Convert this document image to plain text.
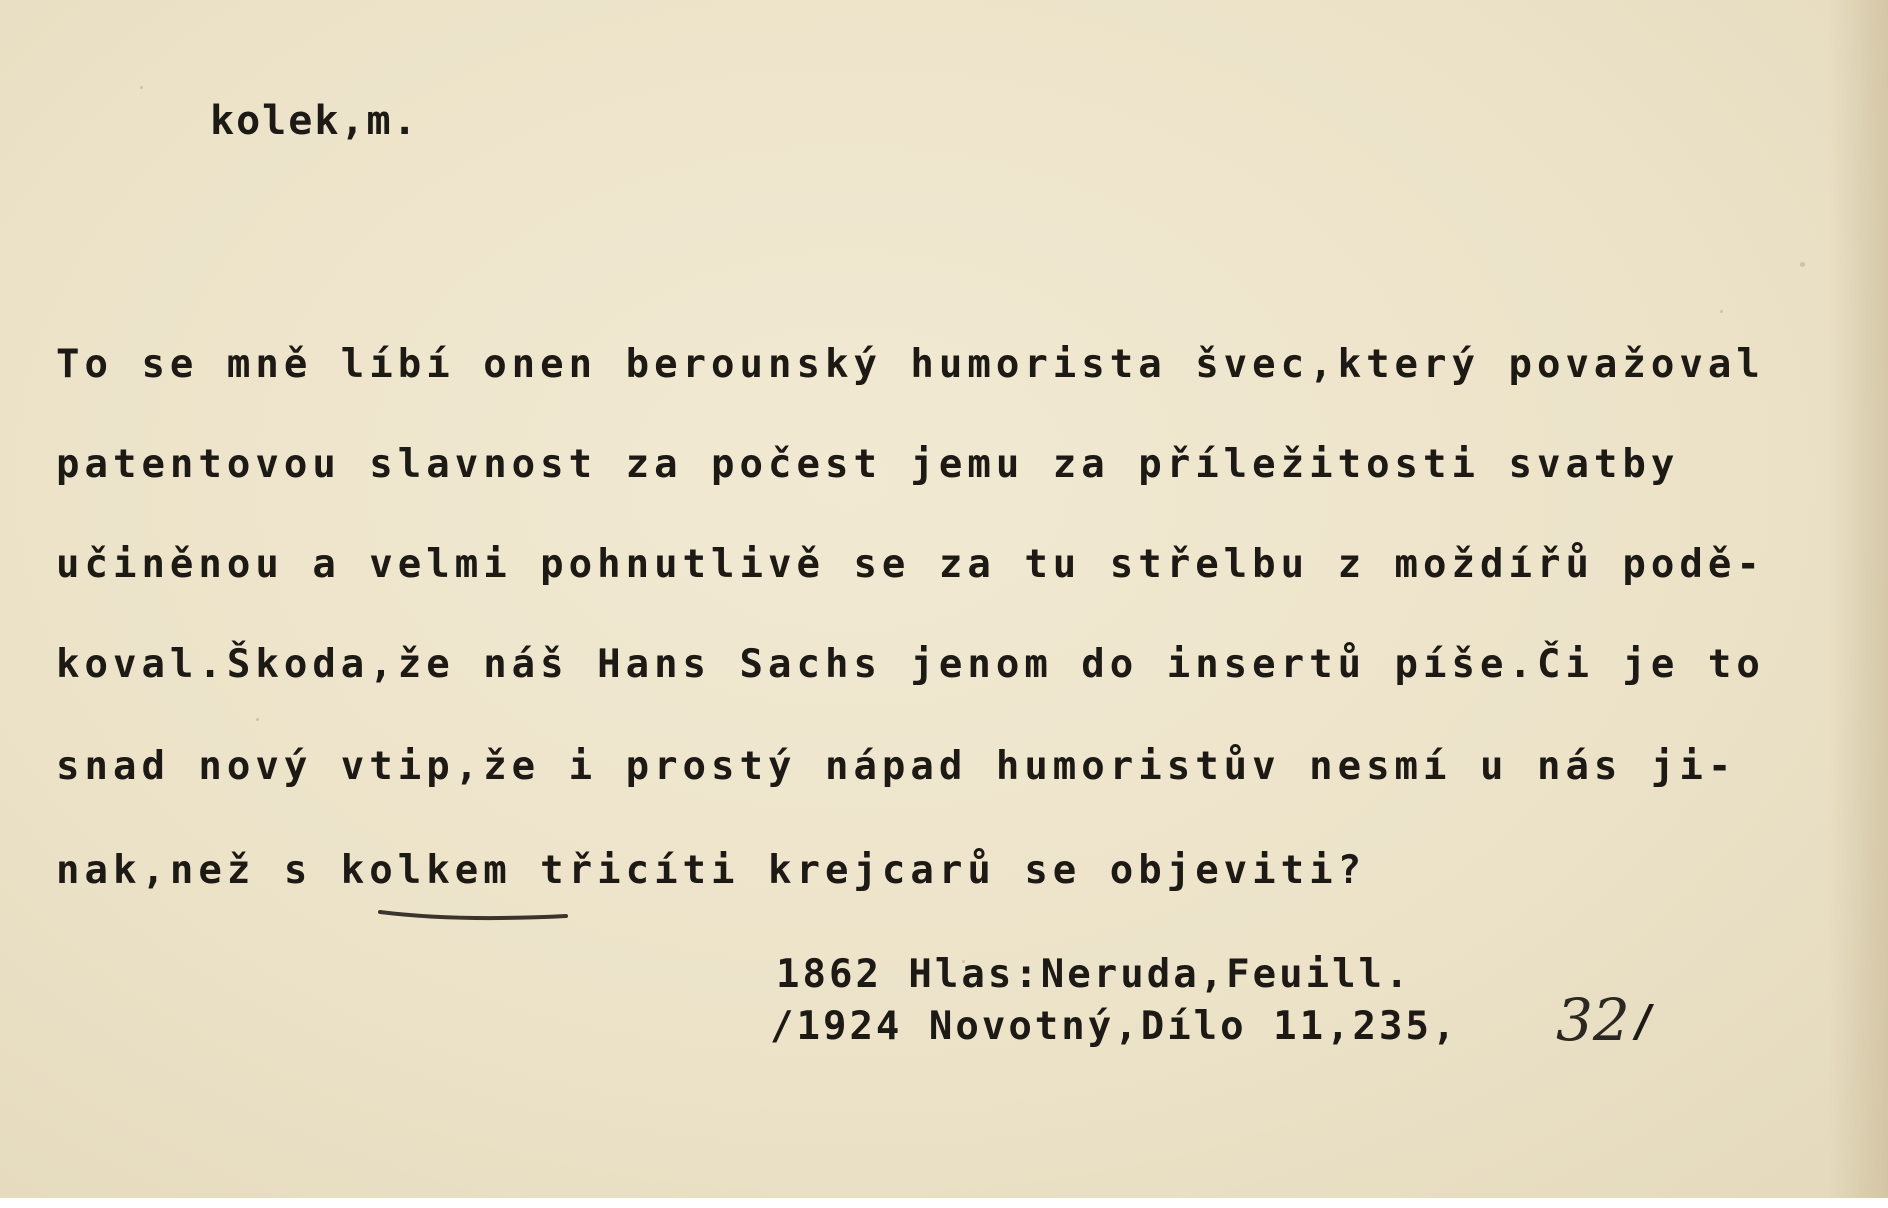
kolek,m.
To se mně líbí onen berounský humorista švec,který považoval
patentovou slavnost za počest jemu za příležitosti svatby
učiněnou a velmi pohnutlivě se za tu střelbu z moždířů podě-
koval.Škoda,že náš Hans Sachs jenom do insertů píše.Či je to
snad nový vtip,že i prostý nápad humoristův nesmí u nás ji-
nak,než s kolkem třicíti krejcarů se objeviti?
1862 Hlas:Neruda,Feuill.
/1924 Novotný,Dílo 11,235, 32 /
